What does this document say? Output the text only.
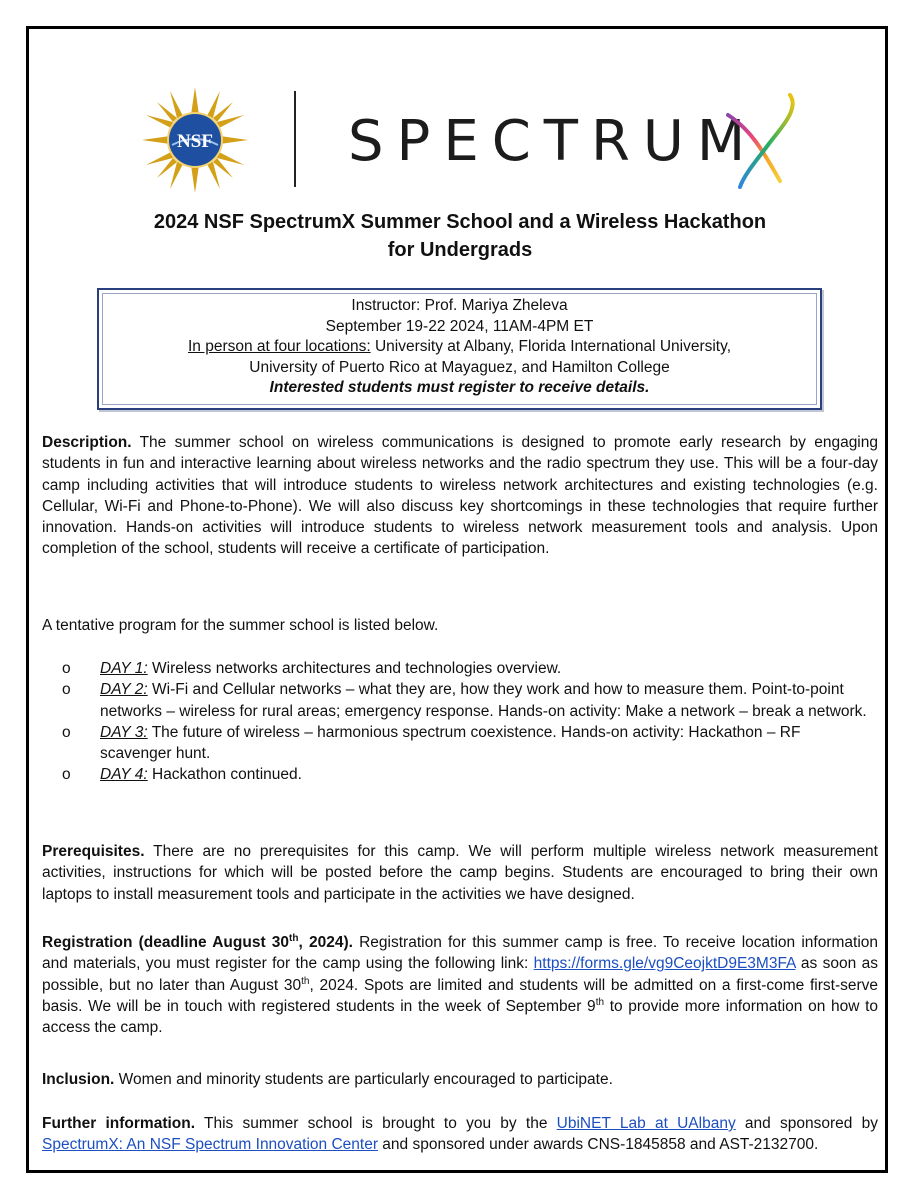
NSF SPECTRUM
2024 NSF SpectrumX Summer School and a Wireless Hackathon
for Undergrads
Instructor: Prof. Mariya Zheleva
September 19-22 2024, 11AM-4PM ET
In person at four locations: University at Albany, Florida International University,
University of Puerto Rico at Mayaguez, and Hamilton College
Interested students must register to receive details.
Description. The summer school on wireless communications is designed to promote early research by engaging students in fun and interactive learning about wireless networks and the radio spectrum they use. This will be a four-day camp including activities that will introduce students to wireless network architectures and existing technologies (e.g. Cellular, Wi-Fi and Phone-to-Phone). We will also discuss key shortcomings in these technologies that require further innovation. Hands-on activities will introduce students to wireless network measurement tools and analysis. Upon completion of the school, students will receive a certificate of participation.
A tentative program for the summer school is listed below.
o DAY 1: Wireless networks architectures and technologies overview.
o DAY 2: Wi-Fi and Cellular networks – what they are, how they work and how to measure them. Point-to-point networks – wireless for rural areas; emergency response. Hands-on activity: Make a network – break a network.
o DAY 3: The future of wireless – harmonious spectrum coexistence. Hands-on activity: Hackathon – RF scavenger hunt.
o DAY 4: Hackathon continued.
Prerequisites. There are no prerequisites for this camp. We will perform multiple wireless network measurement activities, instructions for which will be posted before the camp begins. Students are encouraged to bring their own laptops to install measurement tools and participate in the activities we have designed.
Registration (deadline August 30th, 2024). Registration for this summer camp is free. To receive location information and materials, you must register for the camp using the following link: https://forms.gle/vg9CeojktD9E3M3FA as soon as possible, but no later than August 30th, 2024. Spots are limited and students will be admitted on a first-come first-serve basis. We will be in touch with registered students in the week of September 9th to provide more information on how to access the camp.
Inclusion. Women and minority students are particularly encouraged to participate.
Further information. This summer school is brought to you by the UbiNET Lab at UAlbany and sponsored by SpectrumX: An NSF Spectrum Innovation Center and sponsored under awards CNS-1845858 and AST-2132700.
